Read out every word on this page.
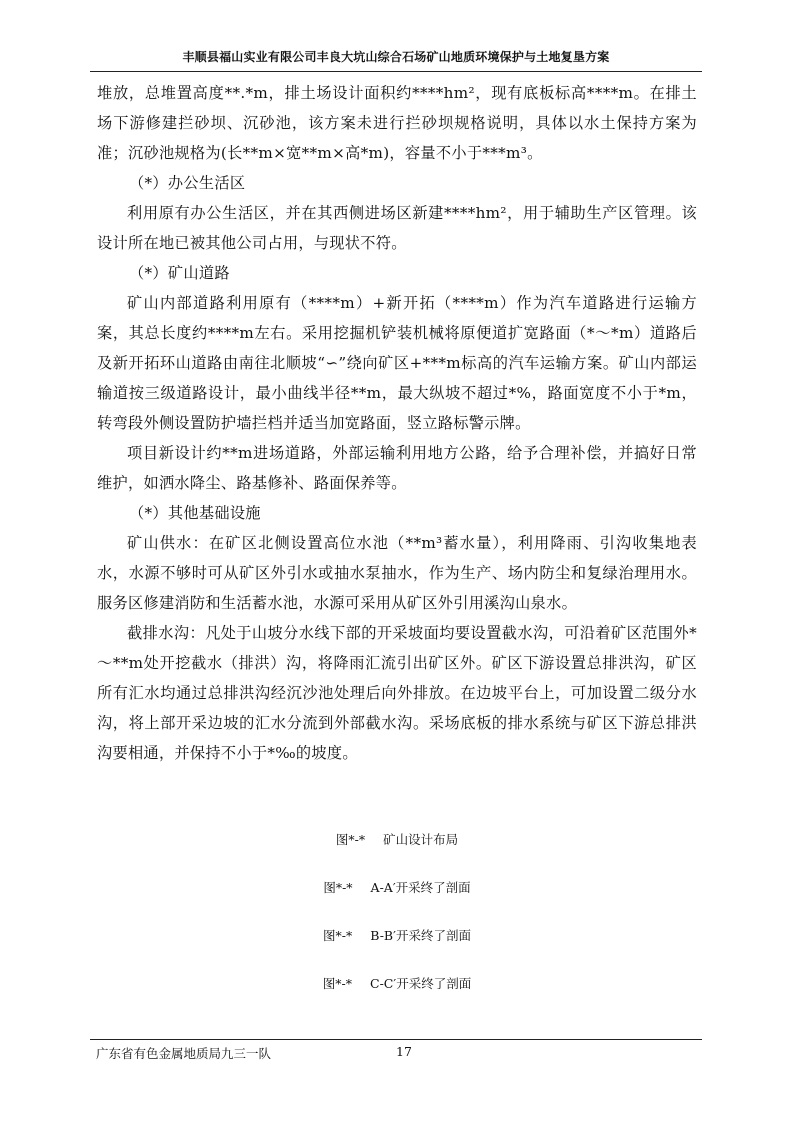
丰顺县福山实业有限公司丰良大坑山综合石场矿山地质环境保护与土地复垦方案

堆放，总堆置高度**.*m，排土场设计面积约****hm²，现有底板标高****m。在排土场下游修建拦砂坝、沉砂池，该方案未进行拦砂坝规格说明，具体以水土保持方案为准；沉砂池规格为(长**m×宽**m×高*m)，容量不小于***m³。

（*）办公生活区

利用原有办公生活区，并在其西侧进场区新建****hm²，用于辅助生产区管理。该设计所在地已被其他公司占用，与现状不符。

（*）矿山道路

矿山内部道路利用原有（****m）+新开拓（****m）作为汽车道路进行运输方案，其总长度约****m左右。采用挖掘机铲装机械将原便道扩宽路面（*～*m）道路后及新开拓环山道路由南往北顺坡“∽”绕向矿区+***m标高的汽车运输方案。矿山内部运输道按三级道路设计，最小曲线半径**m，最大纵坡不超过*%，路面宽度不小于*m，转弯段外侧设置防护墙拦档并适当加宽路面，竖立路标警示牌。

项目新设计约**m进场道路，外部运输利用地方公路，给予合理补偿，并搞好日常维护，如洒水降尘、路基修补、路面保养等。

（*）其他基础设施

矿山供水：在矿区北侧设置高位水池（**m³蓄水量），利用降雨、引沟收集地表水，水源不够时可从矿区外引水或抽水泵抽水，作为生产、场内防尘和复绿治理用水。服务区修建消防和生活蓄水池，水源可采用从矿区外引用溪沟山泉水。

截排水沟：凡处于山坡分水线下部的开采坡面均要设置截水沟，可沿着矿区范围外*～**m处开挖截水（排洪）沟，将降雨汇流引出矿区外。矿区下游设置总排洪沟，矿区所有汇水均通过总排洪沟经沉沙池处理后向外排放。在边坡平台上，可加设置二级分水沟，将上部开采边坡的汇水分流到外部截水沟。采场底板的排水系统与矿区下游总排洪沟要相通，并保持不小于*‰的坡度。

图*-* 矿山设计布局
图*-* A-A′开采终了剖面
图*-* B-B′开采终了剖面
图*-* C-C′开采终了剖面
广东省有色金属地质局九三一队	17
